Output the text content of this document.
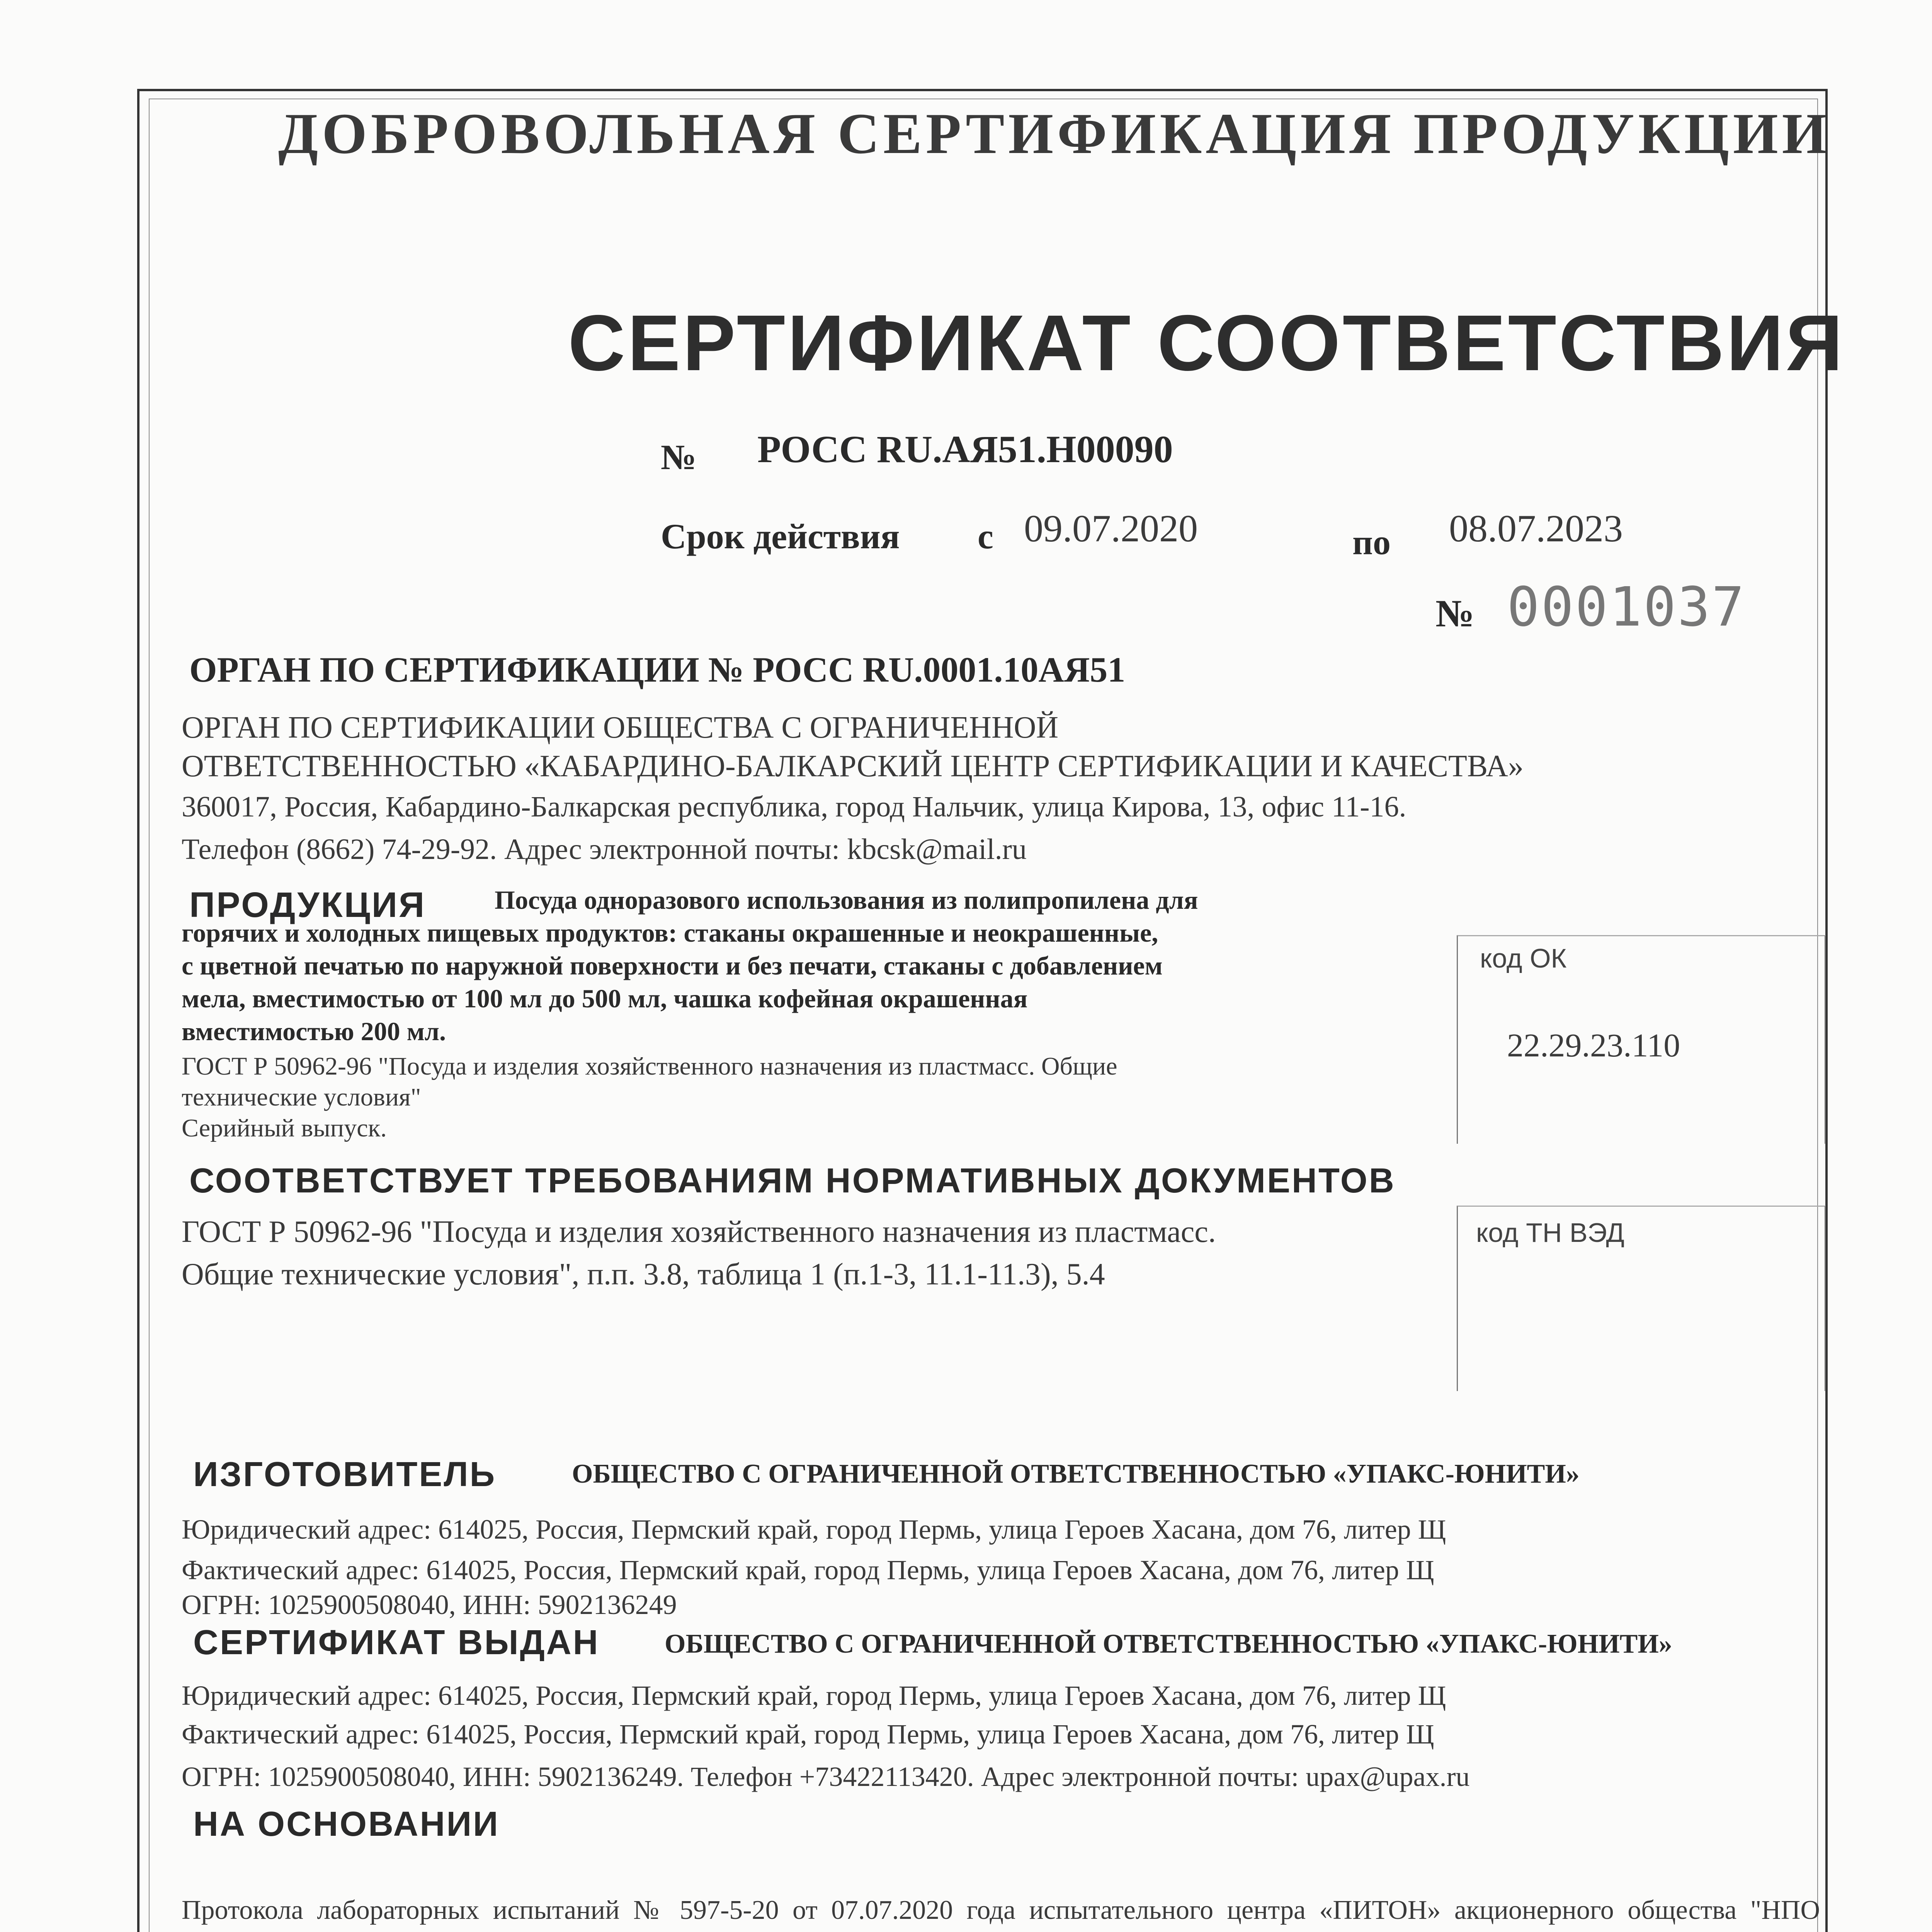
ДОБРОВОЛЬНАЯ СЕРТИФИКАЦИЯ ПРОДУКЦИИ
СЕРТИФИКАТ СООТВЕТСТВИЯ
№ РОСС RU.АЯ51.Н00090
Срок действия с 09.07.2020	по 08.07.2023
№ 0001037
ОРГАН ПО СЕРТИФИКАЦИИ № РОСС RU.0001.10АЯ51
ОРГАН ПО СЕРТИФИКАЦИИ ОБЩЕСТВА С ОГРАНИЧЕННОЙ
ОТВЕТСТВЕННОСТЬЮ «КАБАРДИНО-БАЛКАРСКИЙ ЦЕНТР СЕРТИФИКАЦИИ И КАЧЕСТВА»
360017, Россия, Кабардино-Балкарская республика, город Нальчик, улица Кирова, 13, офис 11-16.
Телефон (8662) 74-29-92. Адрес электронной почты: kbcsk@mail.ru
ПРОДУКЦИЯ	Посуда одноразового использования из полипропилена для
горячих и холодных пищевых продуктов: стаканы окрашенные и неокрашенные,
с цветной печатью по наружной поверхности и без печати, стаканы с добавлением
мела, вместимостью от 100 мл до 500 мл, чашка кофейная окрашенная
вместимостью 200 мл.
ГОСТ Р 50962-96 "Посуда и изделия хозяйственного назначения из пластмасс. Общие
технические условия"
Серийный выпуск.
код ОК
22.29.23.110
СООТВЕТСТВУЕТ ТРЕБОВАНИЯМ НОРМАТИВНЫХ ДОКУМЕНТОВ
ГОСТ Р 50962-96 "Посуда и изделия хозяйственного назначения из пластмасс.
Общие технические условия", п.п. 3.8, таблица 1 (п.1-3, 11.1-11.3), 5.4
код ТН ВЭД
ИЗГОТОВИТЕЛЬ	ОБЩЕСТВО С ОГРАНИЧЕННОЙ ОТВЕТСТВЕННОСТЬЮ «УПАКС-ЮНИТИ»
Юридический адрес: 614025, Россия, Пермский край, город Пермь, улица Героев Хасана, дом 76, литер Щ
Фактический адрес: 614025, Россия, Пермский край, город Пермь, улица Героев Хасана, дом 76, литер Щ
ОГРН: 1025900508040, ИНН: 5902136249
СЕРТИФИКАТ ВЫДАН ОБЩЕСТВО С ОГРАНИЧЕННОЙ ОТВЕТСТВЕННОСТЬЮ «УПАКС-ЮНИТИ»
Юридический адрес: 614025, Россия, Пермский край, город Пермь, улица Героев Хасана, дом 76, литер Щ
Фактический адрес: 614025, Россия, Пермский край, город Пермь, улица Героев Хасана, дом 76, литер Щ
ОГРН: 1025900508040, ИНН: 5902136249. Телефон +73422113420. Адрес электронной почты: upax@upax.ru
НА ОСНОВАНИИ
Протокола лабораторных испытаний № 597-5-20 от 07.07.2020 года испытательного центра «ПИТОН» акционерного общества "НПО
